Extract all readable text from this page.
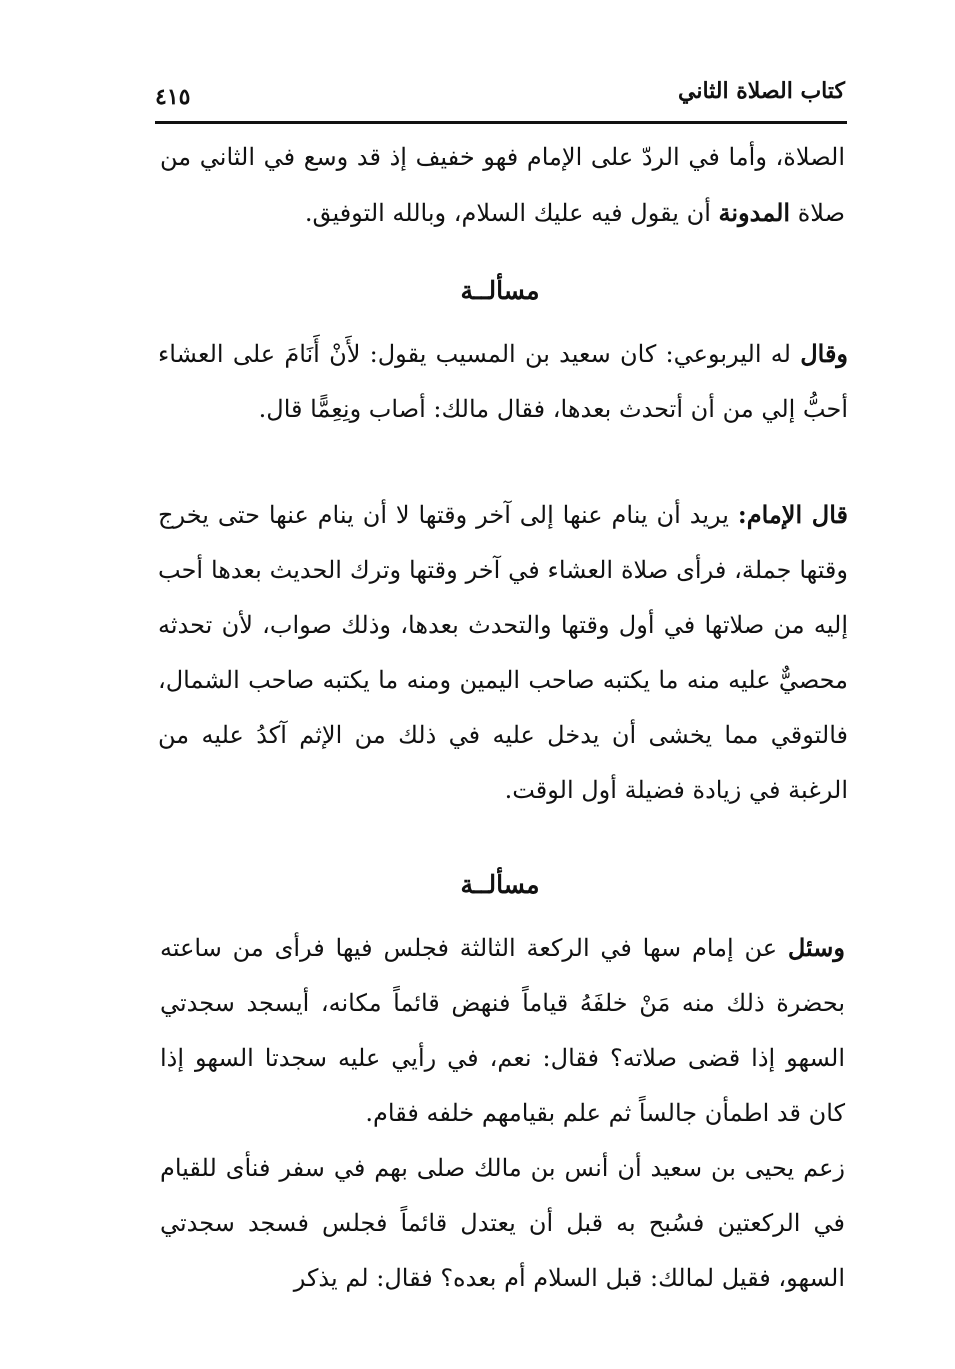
كتاب الصلاة الثاني
٤١٥

الصلاة، وأما في الردّ على الإمام فهو خفيف إذ قد وسع في الثاني من صلاة المدونة أن يقول فيه عليك السلام، وبالله التوفيق.

مسألــة

وقال له اليربوعي: كان سعيد بن المسيب يقول: لأَنْ أَنَامَ على العشاء أحبُّ إلي من أن أتحدث بعدها، فقال مالك: أصاب ونِعِمًّا قال.

قال الإمام: يريد أن ينام عنها إلى آخر وقتها لا أن ينام عنها حتى يخرج وقتها جملة، فرأى صلاة العشاء في آخر وقتها وترك الحديث بعدها أحب إليه من صلاتها في أول وقتها والتحدث بعدها، وذلك صواب، لأن تحدثه محصيٌّ عليه منه ما يكتبه صاحب اليمين ومنه ما يكتبه صاحب الشمال، فالتوقي مما يخشى أن يدخل عليه في ذلك من الإثم آكدُ عليه من الرغبة في زيادة فضيلة أول الوقت.

مسألــة

وسئل عن إمام سها في الركعة الثالثة فجلس فيها فرأى من ساعته بحضرة ذلك منه مَنْ خلفَهُ قياماً فنهض قائماً مكانه، أيسجد سجدتي السهو إذا قضى صلاته؟ فقال: نعم، في رأيي عليه سجدتا السهو إذا كان قد اطمأن جالساً ثم علم بقيامهم خلفه فقام.

زعم يحيى بن سعيد أن أنس بن مالك صلى بهم في سفر فنأى للقيام في الركعتين فسُبح به قبل أن يعتدل قائماً فجلس فسجد سجدتي السهو، فقيل لمالك: قبل السلام أم بعده؟ فقال: لم يذكر
